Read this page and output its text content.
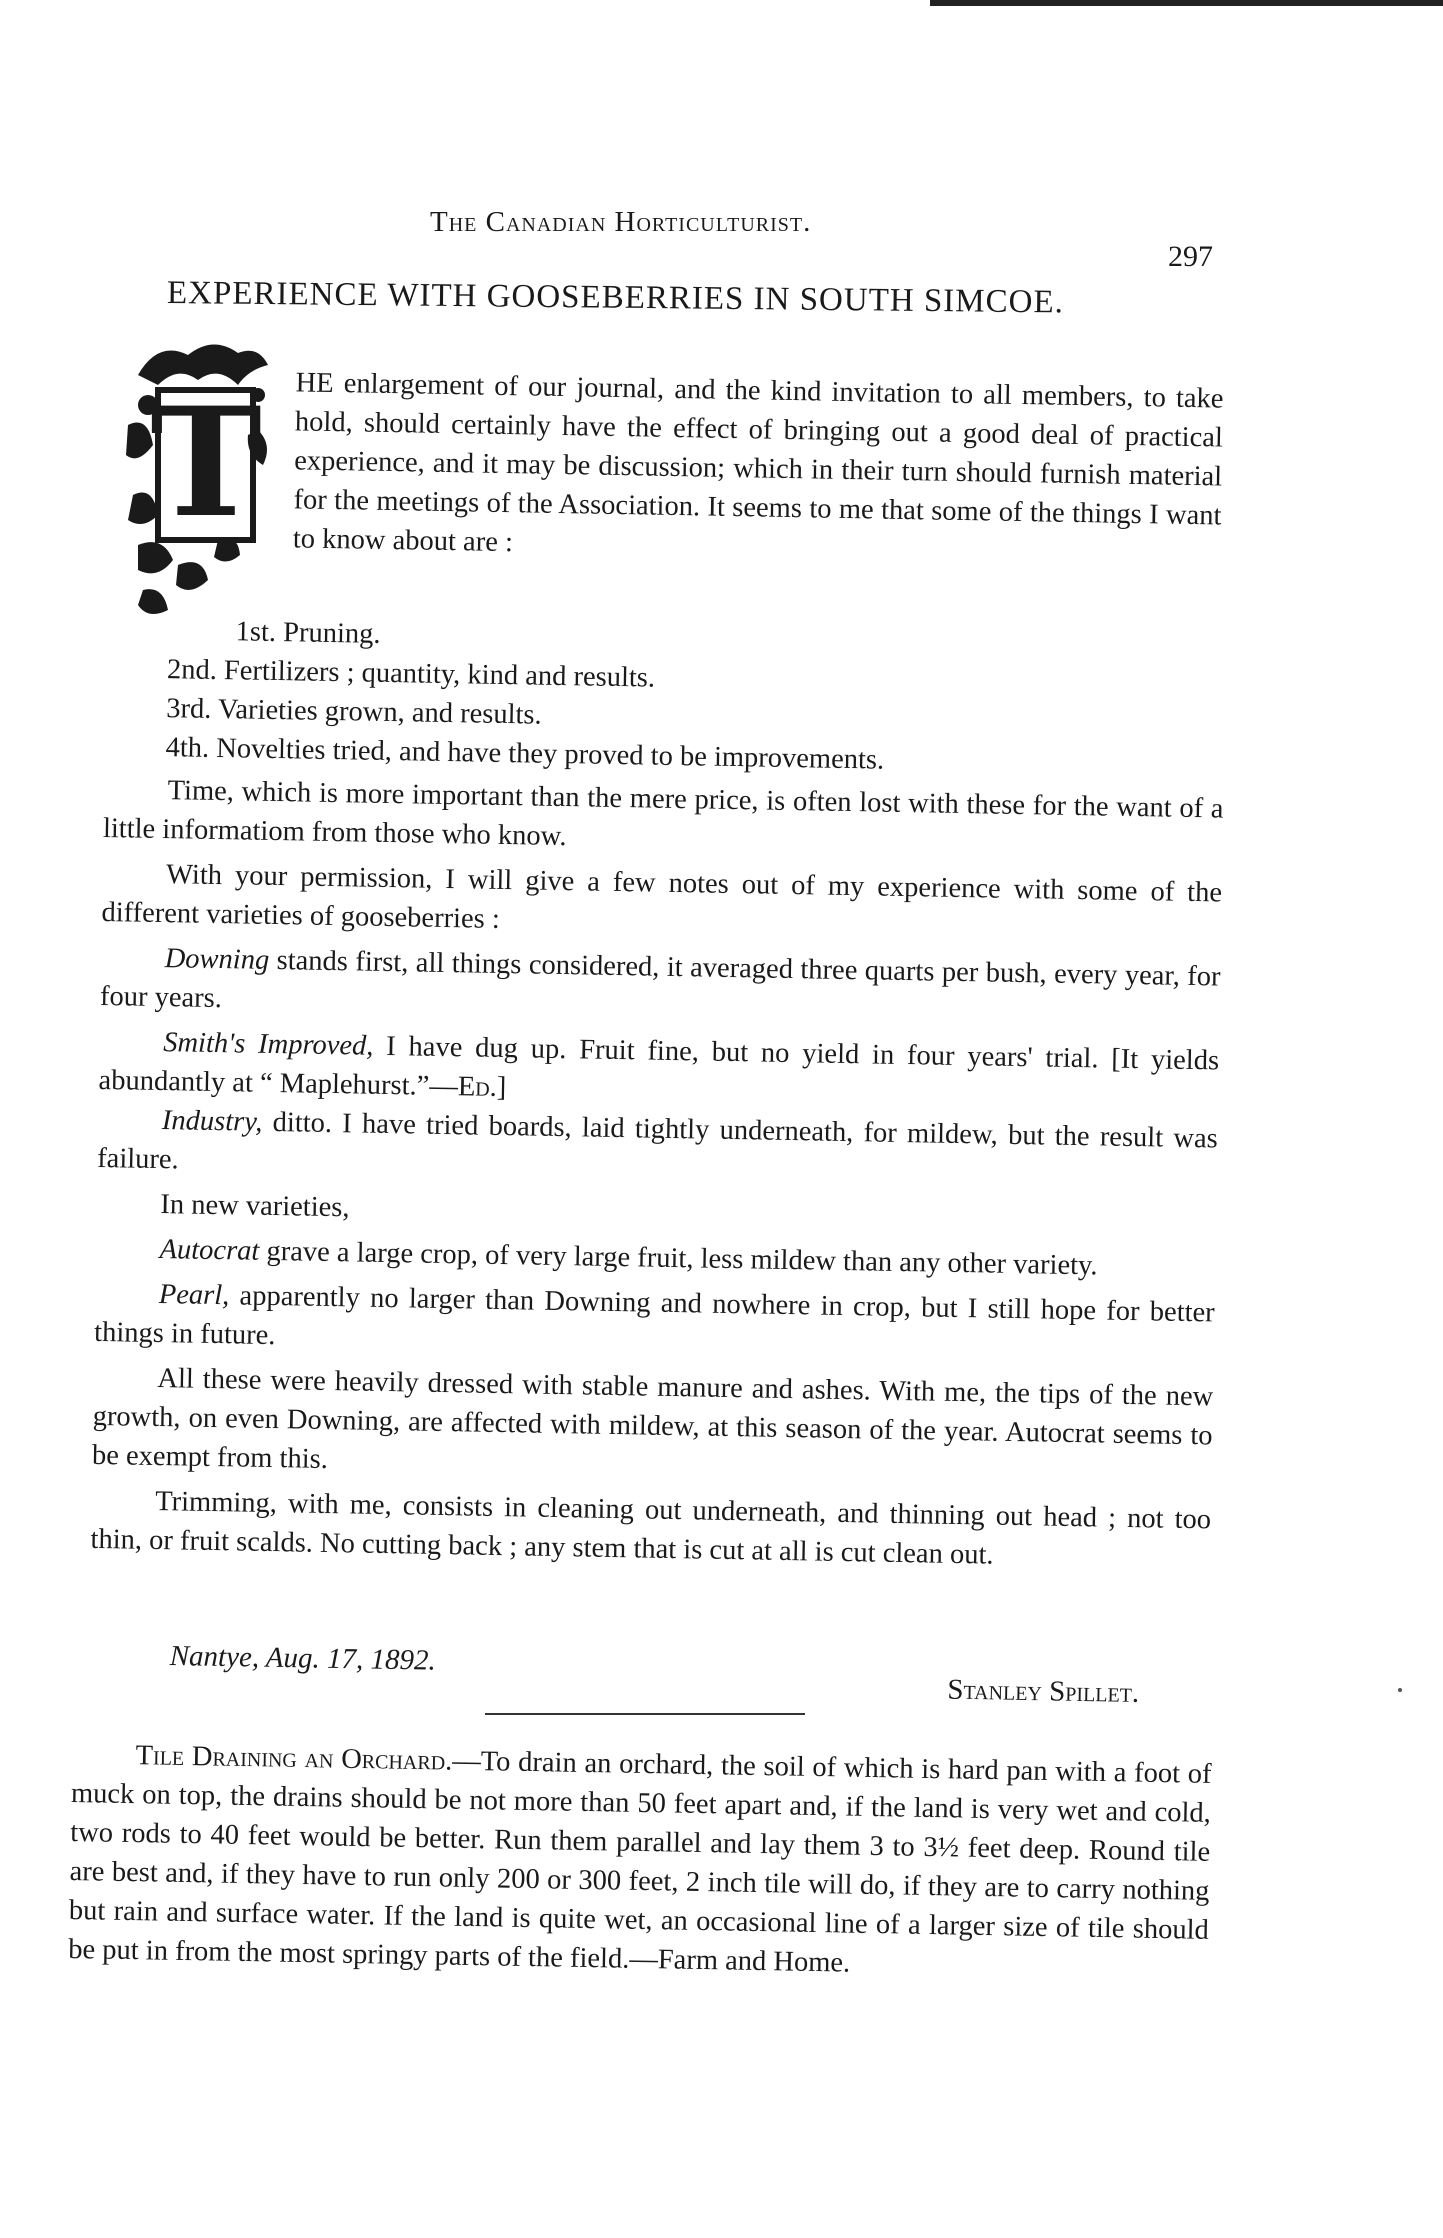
The Canadian Horticulturist.
297
EXPERIENCE WITH GOOSEBERRIES IN SOUTH SIMCOE.
T HE enlargement of our journal, and the kind invitation to all members, to take hold, should certainly have the effect of bringing out a good deal of practical experience, and it may be discussion; which in their turn should furnish material for the meetings of the Association. It seems to me that some of the things I want to know about are :

1st. Pruning.

2nd. Fertilizers ; quantity, kind and results.

3rd. Varieties grown, and results.

4th. Novelties tried, and have they proved to be improvements.

Time, which is more important than the mere price, is often lost with these for the want of a little informatiom from those who know.

With your permission, I will give a few notes out of my experience with some of the different varieties of gooseberries :

Downing stands first, all things considered, it averaged three quarts per bush, every year, for four years.

Smith's Improved, I have dug up. Fruit fine, but no yield in four years' trial. [It yields abundantly at “ Maplehurst.”—Ed.]

Industry, ditto. I have tried boards, laid tightly underneath, for mildew, but the result was failure.

In new varieties,

Autocrat grave a large crop, of very large fruit, less mildew than any other variety.

Pearl, apparently no larger than Downing and nowhere in crop, but I still hope for better things in future.

All these were heavily dressed with stable manure and ashes. With me, the tips of the new growth, on even Downing, are affected with mildew, at this season of the year. Autocrat seems to be exempt from this.

Trimming, with me, consists in cleaning out underneath, and thinning out head ; not too thin, or fruit scalds. No cutting back ; any stem that is cut at all is cut clean out.

Nantye, Aug. 17, 1892.
Stanley Spillet.

Tile Draining an Orchard.—To drain an orchard, the soil of which is hard pan with a foot of muck on top, the drains should be not more than 50 feet apart and, if the land is very wet and cold, two rods to 40 feet would be better. Run them parallel and lay them 3 to 3½ feet deep. Round tile are best and, if they have to run only 200 or 300 feet, 2 inch tile will do, if they are to carry nothing but rain and surface water. If the land is quite wet, an occasional line of a larger size of tile should be put in from the most springy parts of the field.—Farm and Home.
